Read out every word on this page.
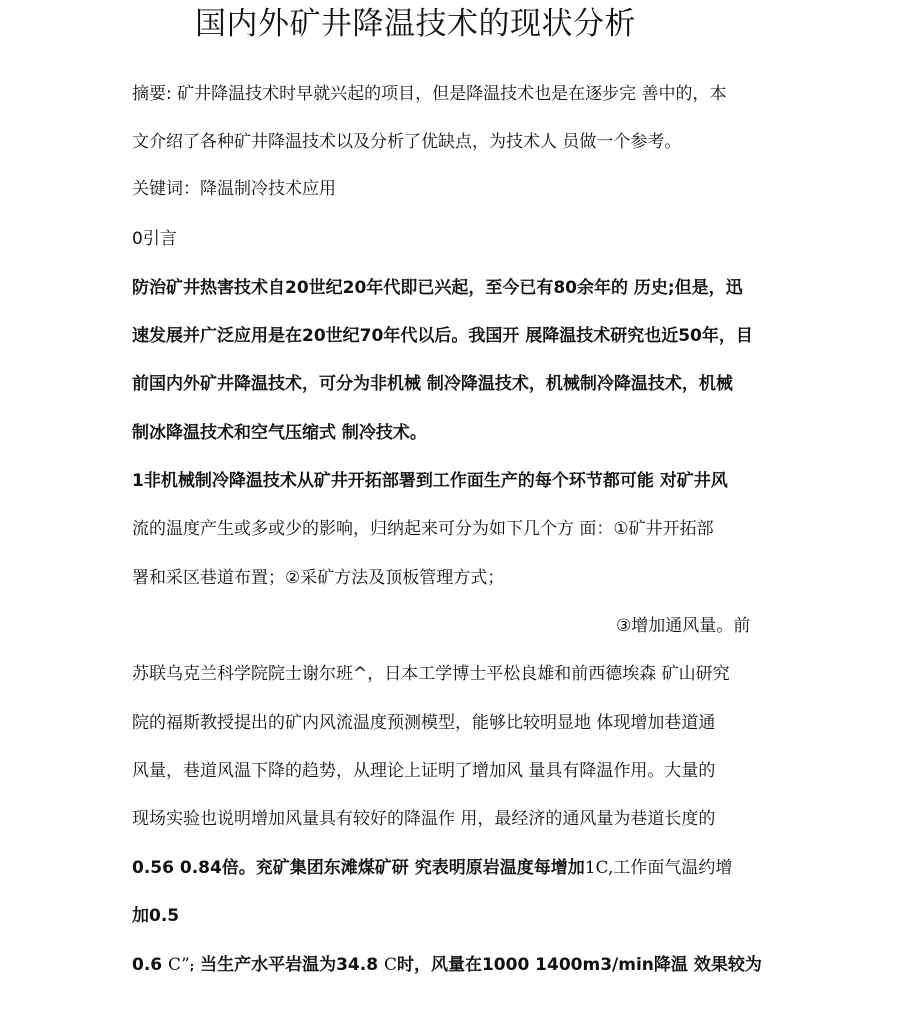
国内外矿井降温技术的现状分析

摘要: 矿井降温技术时早就兴起的项目，但是降温技术也是在逐步完 善中的，本

文介绍了各种矿井降温技术以及分析了优缺点，为技术人 员做一个参考。

关键词：降温制冷技术应用

0引言

防治矿井热害技术自20世纪20年代即已兴起，至今已有80余年的 历史;但是，迅

速发展并广泛应用是在20世纪70年代以后。我国开 展降温技术研究也近50年，目

前国内外矿井降温技术，可分为非机械 制冷降温技术，机械制冷降温技术，机械

制冰降温技术和空气压缩式 制冷技术。

1非机械制冷降温技术从矿井开拓部署到工作面生产的每个环节都可能 对矿井风

流的温度产生或多或少的影响，归纳起来可分为如下几个方 面：①矿井开拓部

署和采区巷道布置；②采矿方法及顶板管理方式；

③增加通风量。前

苏联乌克兰科学院院士谢尔班^，日本工学博士平松良雄和前西德埃森 矿山研究

院的福斯教授提出的矿内风流温度预测模型，能够比较明显地 体现增加巷道通

风量，巷道风温下降的趋势，从理论上证明了增加风 量具有降温作用。大量的

现场实验也说明增加风量具有较好的降温作 用，最经济的通风量为巷道长度的

0.56 0.84倍。兖矿集团东滩煤矿研 究表明原岩温度每增加1C,工作面气温约增

加0.5

0.6 C”; 当生产水平岩温为34.8 C时，风量在1000 1400m3/min降温 效果较为
